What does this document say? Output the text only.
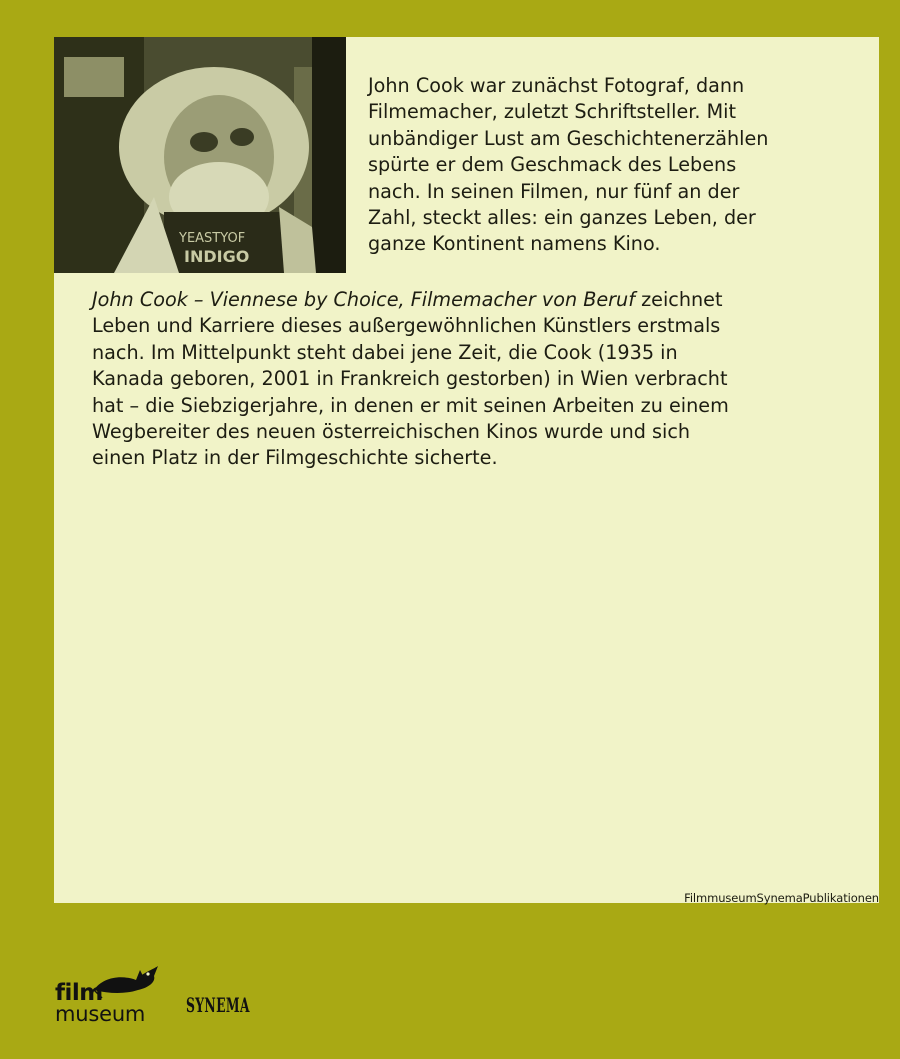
YEASTYOF
INDIGO

John Cook war zunächst Fotograf, dann
Filmemacher, zuletzt Schriftsteller. Mit
unbändiger Lust am Geschichtenerzählen
spürte er dem Geschmack des Lebens
nach. In seinen Filmen, nur fünf an der
Zahl, steckt alles: ein ganzes Leben, der
ganze Kontinent namens Kino.

John Cook – Viennese by Choice, Filmemacher von Beruf zeichnet
Leben und Karriere dieses außergewöhnlichen Künstlers erstmals
nach. Im Mittelpunkt steht dabei jene Zeit, die Cook (1935 in
Kanada geboren, 2001 in Frankreich gestorben) in Wien verbracht
hat – die Siebzigerjahre, in denen er mit seinen Arbeiten zu einem
Wegbereiter des neuen österreichischen Kinos wurde und sich
einen Platz in der Filmgeschichte sicherte.

FilmmuseumSynemaPublikationen
film
museum SYNEMA
